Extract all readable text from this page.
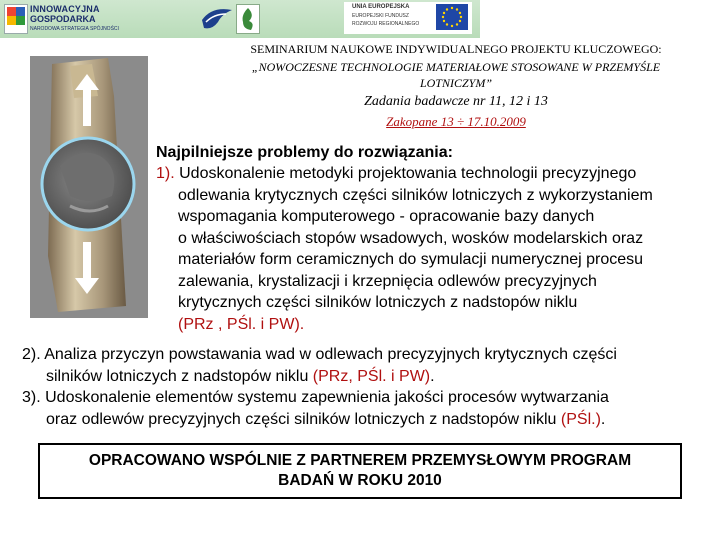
INNOWACYJNA
GOSPODARKA
NARODOWA STRATEGIA SPÓJNOŚCI
UNIA EUROPEJSKA
EUROPEJSKI FUNDUSZ
ROZWOJU REGIONALNEGO
SEMINARIUM NAUKOWE INDYWIDUALNEGO PROJEKTU KLUCZOWEGO:
„NOWOCZESNE TECHNOLOGIE MATERIAŁOWE STOSOWANE W PRZEMYŚLE
LOTNICZYM”
Zadania badawcze nr 11, 12 i 13
Zakopane 13 ÷ 17.10.2009
Najpilniejsze problemy do rozwiązania:
1). Udoskonalenie metodyki projektowania technologii precyzyjnego
odlewania krytycznych części silników lotniczych z wykorzystaniem
wspomagania komputerowego - opracowanie bazy danych
o właściwościach stopów wsadowych, wosków modelarskich oraz
materiałów form ceramicznych do symulacji numerycznej procesu
zalewania, krystalizacji i krzepnięcia odlewów precyzyjnych
krytycznych części silników lotniczych z nadstopów niklu
(PRz , PŚl. i PW).
2). Analiza przyczyn powstawania wad w odlewach precyzyjnych krytycznych części
silników lotniczych z nadstopów niklu (PRz, PŚl. i PW).
3). Udoskonalenie elementów systemu zapewnienia jakości procesów wytwarzania
oraz odlewów precyzyjnych części silników lotniczych z nadstopów niklu (PŚl.).
OPRACOWANO WSPÓLNIE Z PARTNEREM PRZEMYSŁOWYM PROGRAM
BADAŃ W ROKU 2010
